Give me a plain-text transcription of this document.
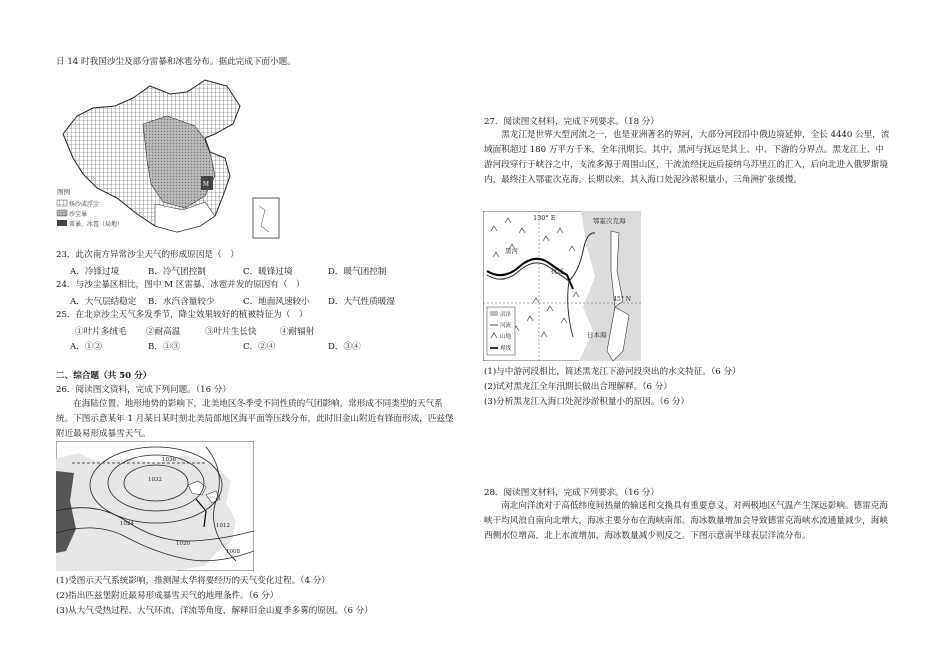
日 14 时我国沙尘及部分雷暴和冰雹分布。据此完成下面小题。
M
图例
扬沙或浮尘
沙尘暴
雷暴、冰雹（局地）
23．此次南方异常沙尘天气的形成原因是（　）
A．冷锋过境	B．冷气团控制	C．暖锋过境	D．暖气团控制
24．与沙尘暴区相比，图中 M 区雷暴、冰雹并发的原因有（　）
A．大气层结稳定 B．水汽含量较少	C．地面风速较小 D．大气性质暖湿
25．在北京沙尘天气多发季节，降尘效果较好的植被特征为（　）
①叶片多绒毛 ②耐高温	③叶片生长快	④耐辐射
A．①②	B．①③	C．②④	D．③④
二、综合题（共 50 分）
26．阅读图文资料，完成下列问题。（16 分）
在海陆位置、地形地势的影响下，北美地区冬季受不同性质的气团影响，常形成不同类型的天气系统。下图示意某年 1 月某日某时刻北美局部地区海平面等压线分布，此时旧金山附近有锋面形成，匹兹堡附近最易形成暴雪天气。
1032
1036
1024
1020
1012
1008
(1)受图示天气系统影响，推测渥太华将要经历的天气变化过程。（4 分）
(2)指出匹兹堡附近最易形成暴雪天气的地理条件。（6 分）
(3)从大气受热过程、大气环流、洋流等角度，解释旧金山夏季多雾的原因。（6 分）
27．阅读图文材料，完成下列要求。（18 分）
黑龙江是世界大型河流之一，也是亚洲著名的界河，大部分河段沿中俄边境延伸，全长 4440 公里，流域面积超过 180 万平方千米，全年汛期长。其中，黑河与抚远是其上、中、下游的分界点。黑龙江上、中游河段穿行于峡谷之中，支流多源于周围山区，干流流经抚远后接纳乌苏里江的汇入，后向北进入俄罗斯境内，最终注入鄂霍次克海。长期以来，其入海口处泥沙淤积量小，三角洲扩张缓慢。
130° E
45° N
鄂霍次克海
日本海
黑河
抚远
沼泽
河流
山地
界线
(1)与中游河段相比，简述黑龙江下游河段突出的水文特征。（6 分）
(2)试对黑龙江全年汛期长做出合理解释。（6 分）
(3)分析黑龙江入海口处泥沙淤积量小的原因。（6 分）
28．阅读图文材料，完成下列要求。（16 分）
南北向洋流对于高低纬度间热量的输送和交换具有重要意义，对两极地区气温产生深远影响。德雷克海峡干均风浪自南向北增大，海冰主要分布在海峡南部。海冰数量增加会导致德雷克海峡水流通量减少，海峡西侧水位增高，北上水流增加，海冰数量减少则反之。下图示意南半球表层洋流分布。
